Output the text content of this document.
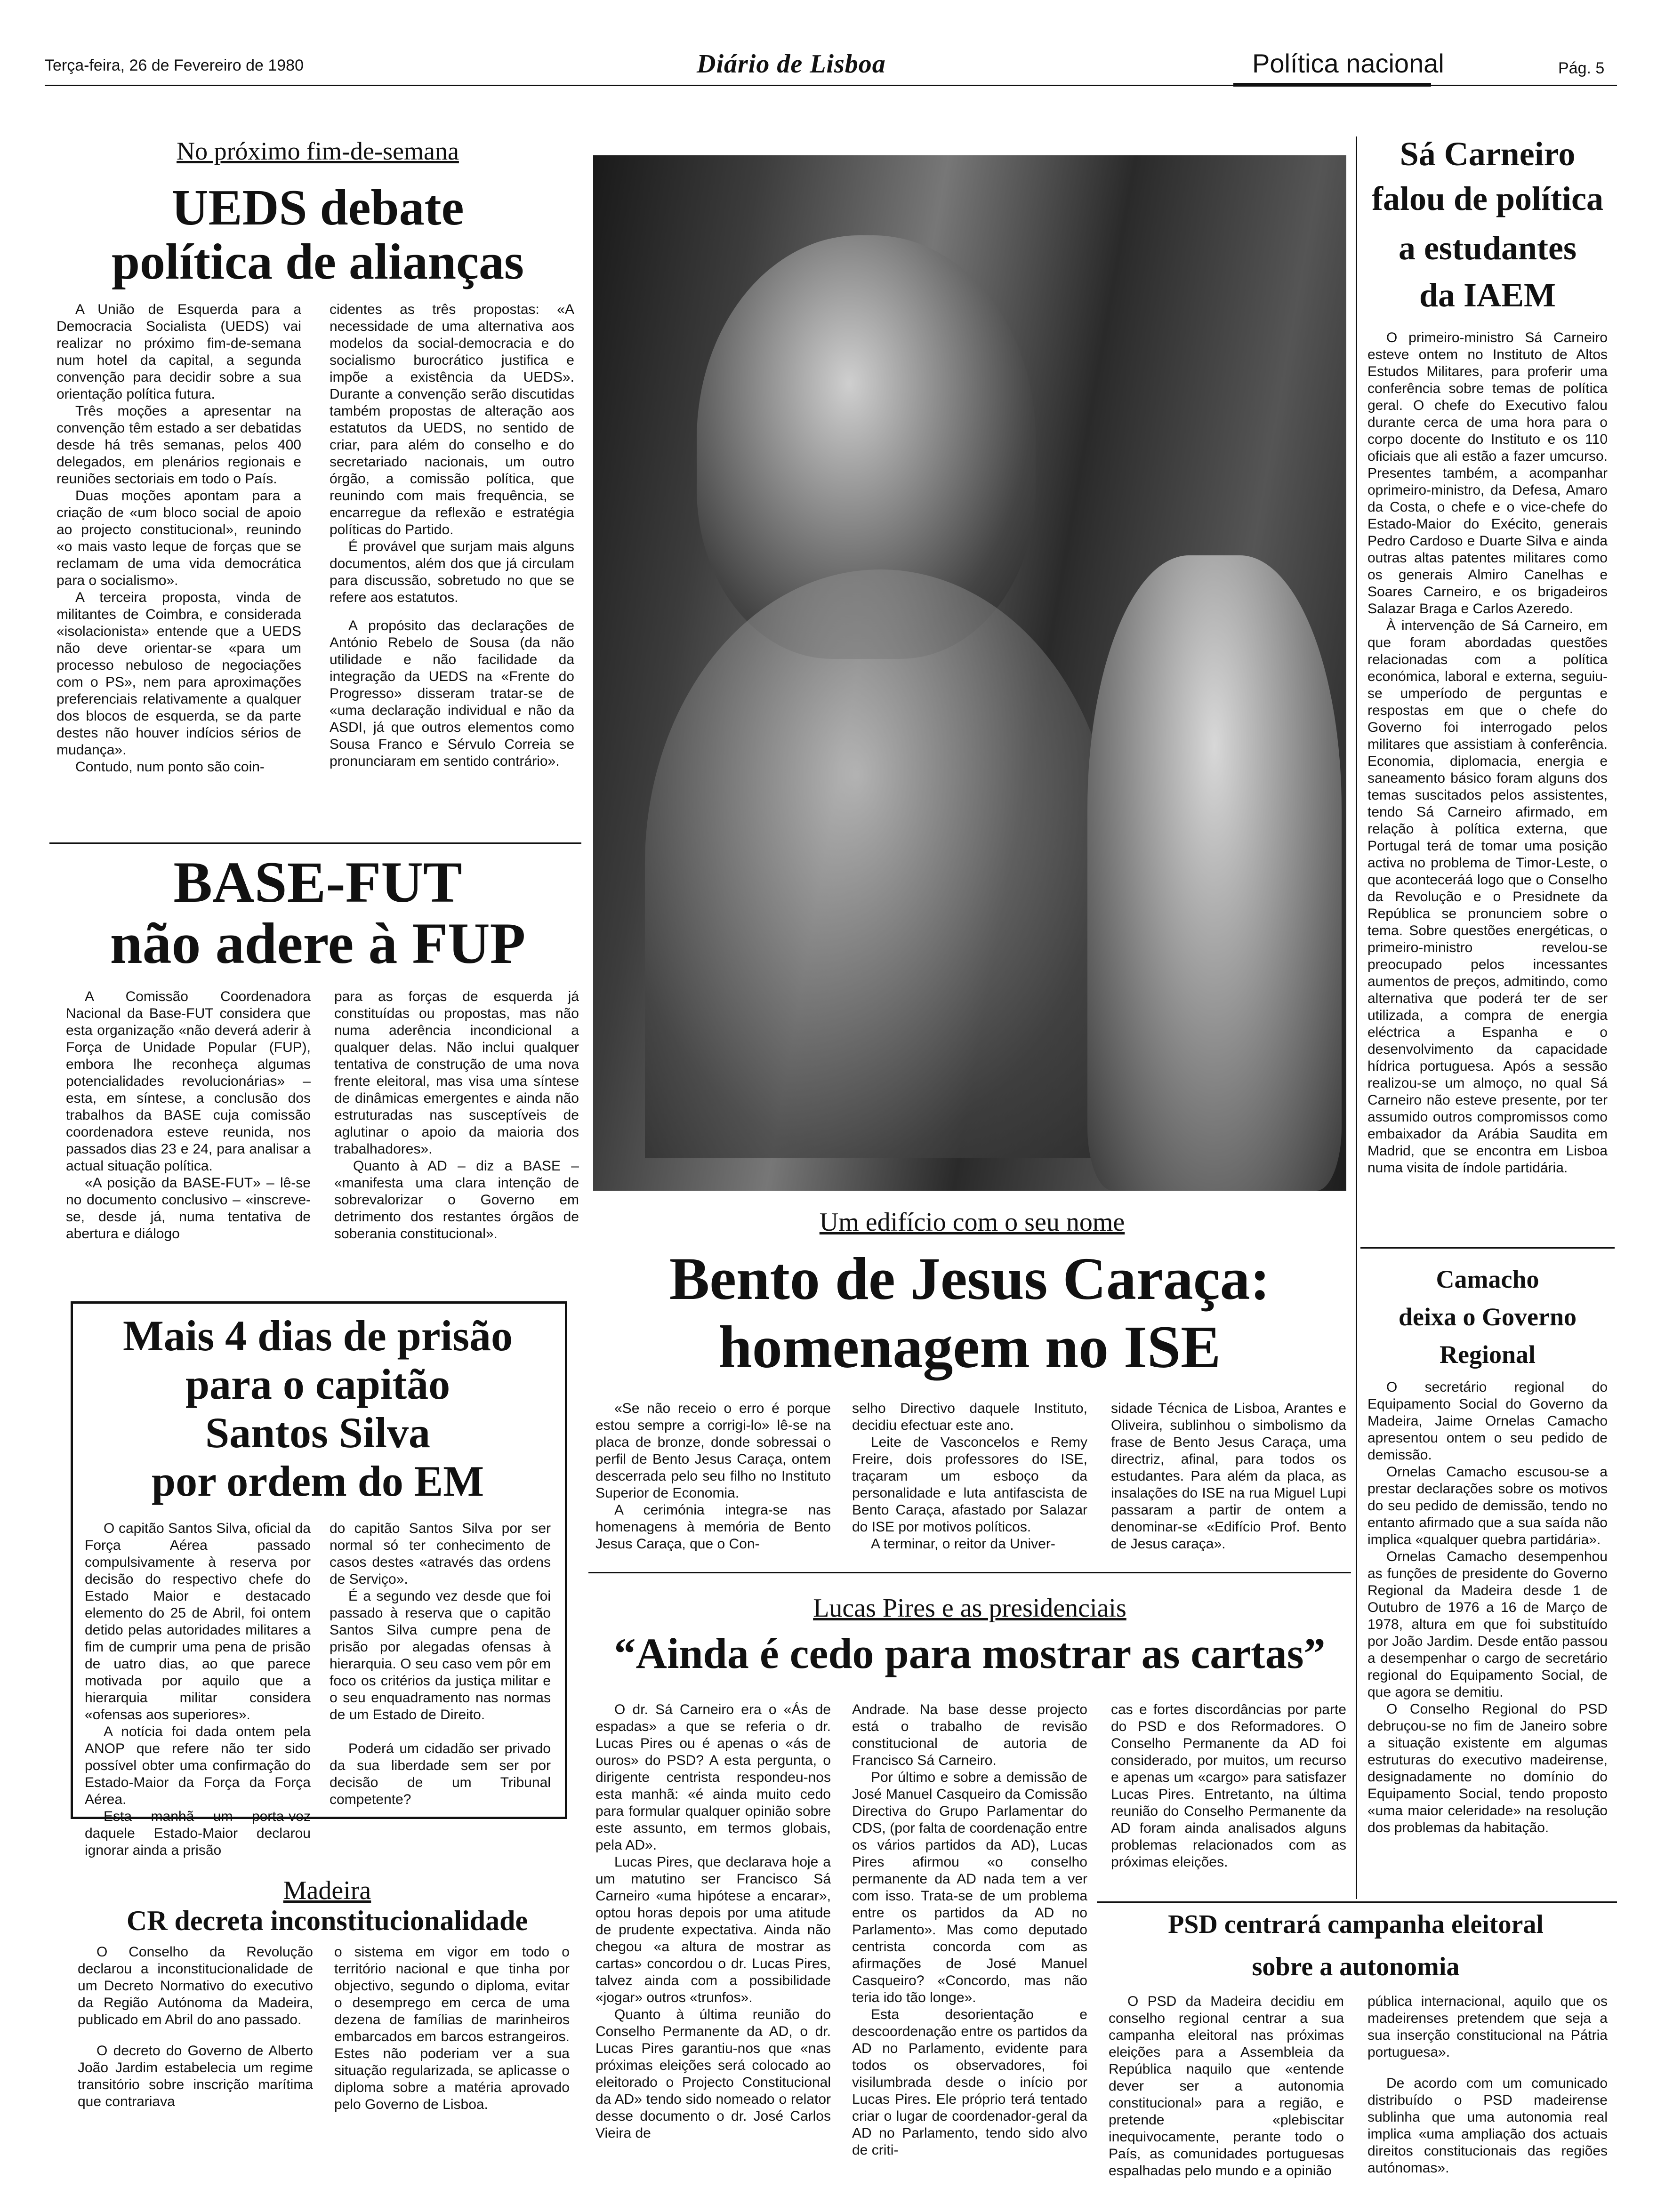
Terça-feira, 26 de Fevereiro de 1980	Diário de Lisboa	Política nacional	Pág. 5
No próximo fim-de-semana
UEDS debate
política de alianças

A União de Esquerda para a Democracia Socialista (UEDS) vai realizar no próximo fim-de-semana num hotel da capital, a segunda convenção para decidir sobre a sua orientação política futura.

Três moções a apresentar na convenção têm estado a ser debatidas desde há três semanas, pelos 400 delegados, em plenários regionais e reuniões sectoriais em todo o País.

Duas moções apontam para a criação de «um bloco social de apoio ao projecto constitucional», reunindo «o mais vasto leque de forças que se reclamam de uma vida democrática para o socialismo».

A terceira proposta, vinda de militantes de Coimbra, e considerada «isolacionista» entende que a UEDS não deve orientar-se «para um processo nebuloso de negociações com o PS», nem para aproximações preferenciais relativamente a qualquer dos blocos de esquerda, se da parte destes não houver indícios sérios de mudança».

Contudo, num ponto são coin-

cidentes as três propostas: «A necessidade de uma alternativa aos modelos da social-democracia e do socialismo burocrático justifica e impõe a existência da UEDS». Durante a convenção serão discutidas também propostas de alteração aos estatutos da UEDS, no sentido de criar, para além do conselho e do secretariado nacionais, um outro órgão, a comissão política, que reunindo com mais frequência, se encarregue da reflexão e estratégia políticas do Partido.

É provável que surjam mais alguns documentos, além dos que já circulam para discussão, sobretudo no que se refere aos estatutos.

A propósito das declarações de António Rebelo de Sousa (da não utilidade e não facilidade da integração da UEDS na «Frente do Progresso» disseram tratar-se de «uma declaração individual e não da ASDI, já que outros elementos como Sousa Franco e Sérvulo Correia se pronunciaram em sentido contrário».

BASE-FUT
não adere à FUP

A Comissão Coordenadora Nacional da Base-FUT considera que esta organização «não deverá aderir à Força de Unidade Popular (FUP), embora lhe reconheça algumas potencialidades revolucionárias» – esta, em síntese, a conclusão dos trabalhos da BASE cuja comissão coordenadora esteve reunida, nos passados dias 23 e 24, para analisar a actual situação política.

«A posição da BASE-FUT» – lê-se no documento conclusivo – «inscreve-se, desde já, numa tentativa de abertura e diálogo

para as forças de esquerda já constituídas ou propostas, mas não numa aderência incondicional a qualquer delas. Não inclui qualquer tentativa de construção de uma nova frente eleitoral, mas visa uma síntese de dinâmicas emergentes e ainda não estruturadas nas susceptíveis de aglutinar o apoio da maioria dos trabalhadores».

Quanto à AD – diz a BASE – «manifesta uma clara intenção de sobrevalorizar o Governo em detrimento dos restantes órgãos de soberania constitucional».

Mais 4 dias de prisão
para o capitão
Santos Silva
por ordem do EM

O capitão Santos Silva, oficial da Força Aérea passado compulsivamente à reserva por decisão do respectivo chefe do Estado Maior e destacado elemento do 25 de Abril, foi ontem detido pelas autoridades militares a fim de cumprir uma pena de prisão de uatro dias, ao que parece motivada por aquilo que a hierarquia militar considera «ofensas aos superiores».

A notícia foi dada ontem pela ANOP que refere não ter sido possível obter uma confirmação do Estado-Maior da Força da Força Aérea.

Esta manhã um porta-voz daquele Estado-Maior declarou ignorar ainda a prisão

do capitão Santos Silva por ser normal só ter conhecimento de casos destes «através das ordens de Serviço».

É a segundo vez desde que foi passado à reserva que o capitão Santos Silva cumpre pena de prisão por alegadas ofensas à hierarquia. O seu caso vem pôr em foco os critérios da justiça militar e o seu enquadramento nas normas de um Estado de Direito.

Poderá um cidadão ser privado da sua liberdade sem ser por decisão de um Tribunal competente?

Madeira
CR decreta inconstitucionalidade

O Conselho da Revolução declarou a inconstitucionalidade de um Decreto Normativo do executivo da Região Autónoma da Madeira, publicado em Abril do ano passado.

O decreto do Governo de Alberto João Jardim estabelecia um regime transitório sobre inscrição marítima que contrariava

o sistema em vigor em todo o território nacional e que tinha por objectivo, segundo o diploma, evitar o desemprego em cerca de uma dezena de famílias de marinheiros embarcados em barcos estrangeiros. Estes não poderiam ver a sua situação regularizada, se aplicasse o diploma sobre a matéria aprovado pelo Governo de Lisboa.

Um edifício com o seu nome
Bento de Jesus Caraça:
homenagem no ISE

«Se não receio o erro é porque estou sempre a corrigi-lo» lê-se na placa de bronze, donde sobressai o perfil de Bento Jesus Caraça, ontem descerrada pelo seu filho no Instituto Superior de Economia.

A cerimónia integra-se nas homenagens à memória de Bento Jesus Caraça, que o Con-

selho Directivo daquele Instituto, decidiu efectuar este ano.

Leite de Vasconcelos e Remy Freire, dois professores do ISE, traçaram um esboço da personalidade e luta antifascista de Bento Caraça, afastado por Salazar do ISE por motivos políticos.

A terminar, o reitor da Univer-

sidade Técnica de Lisboa, Arantes e Oliveira, sublinhou o simbolismo da frase de Bento Jesus Caraça, uma directriz, afinal, para todos os estudantes. Para além da placa, as insalações do ISE na rua Miguel Lupi passaram a partir de ontem a denominar-se «Edifício Prof. Bento de Jesus caraça».

Lucas Pires e as presidenciais
“Ainda é cedo para mostrar as cartas”

O dr. Sá Carneiro era o «Ás de espadas» a que se referia o dr. Lucas Pires ou é apenas o «ás de ouros» do PSD? A esta pergunta, o dirigente centrista respondeu-nos esta manhã: «é ainda muito cedo para formular qualquer opinião sobre este assunto, em termos globais, pela AD».

Lucas Pires, que declarava hoje a um matutino ser Francisco Sá Carneiro «uma hipótese a encarar», optou horas depois por uma atitude de prudente expectativa. Ainda não chegou «a altura de mostrar as cartas» concordou o dr. Lucas Pires, talvez ainda com a possibilidade «jogar» outros «trunfos».

Quanto à última reunião do Conselho Permanente da AD, o dr. Lucas Pires garantiu-nos que «nas próximas eleições será colocado ao eleitorado o Projecto Constitucional da AD» tendo sido nomeado o relator desse documento o dr. José Carlos Vieira de

Andrade. Na base desse projecto está o trabalho de revisão constitucional de autoria de Francisco Sá Carneiro.

Por último e sobre a demissão de José Manuel Casqueiro da Comissão Directiva do Grupo Parlamentar do CDS, (por falta de coordenação entre os vários partidos da AD), Lucas Pires afirmou «o conselho permanente da AD nada tem a ver com isso. Trata-se de um problema entre os partidos da AD no Parlamento». Mas como deputado centrista concorda com as afirmações de José Manuel Casqueiro? «Concordo, mas não teria ido tão longe».

Esta desorientação e descoordenação entre os partidos da AD no Parlamento, evidente para todos os observadores, foi visilumbrada desde o início por Lucas Pires. Ele próprio terá tentado criar o lugar de coordenador-geral da AD no Parlamento, tendo sido alvo de criti-

cas e fortes discordâncias por parte do PSD e dos Reformadores. O Conselho Permanente da AD foi considerado, por muitos, um recurso e apenas um «cargo» para satisfazer Lucas Pires. Entretanto, na última reunião do Conselho Permanente da AD foram ainda analisados alguns problemas relacionados com as próximas eleições.

Sá Carneiro
falou de política
a estudantes
da IAEM

O primeiro-ministro Sá Carneiro esteve ontem no Instituto de Altos Estudos Militares, para proferir uma conferência sobre temas de política geral. O chefe do Executivo falou durante cerca de uma hora para o corpo docente do Instituto e os 110 oficiais que ali estão a fazer umcurso. Presentes também, a acompanhar oprimeiro-ministro, da Defesa, Amaro da Costa, o chefe e o vice-chefe do Estado-Maior do Exécito, generais Pedro Cardoso e Duarte Silva e ainda outras altas patentes militares como os generais Almiro Canelhas e Soares Carneiro, e os brigadeiros Salazar Braga e Carlos Azeredo.

À intervenção de Sá Carneiro, em que foram abordadas questões relacionadas com a política económica, laboral e externa, seguiu-se umperíodo de perguntas e respostas em que o chefe do Governo foi interrogado pelos militares que assistiam à conferência. Economia, diplomacia, energia e saneamento básico foram alguns dos temas suscitados pelos assistentes, tendo Sá Carneiro afirmado, em relação à política externa, que Portugal terá de tomar uma posição activa no problema de Timor-Leste, o que aconteceráá logo que o Conselho da Revolução e o Presidnete da República se pronunciem sobre o tema. Sobre questões energéticas, o primeiro-ministro revelou-se preocupado pelos incessantes aumentos de preços, admitindo, como alternativa que poderá ter de ser utilizada, a compra de energia eléctrica a Espanha e o desenvolvimento da capacidade hídrica portuguesa. Após a sessão realizou-se um almoço, no qual Sá Carneiro não esteve presente, por ter assumido outros compromissos como embaixador da Arábia Saudita em Madrid, que se encontra em Lisboa numa visita de índole partidária.

Camacho
deixa o Governo
Regional

O secretário regional do Equipamento Social do Governo da Madeira, Jaime Ornelas Camacho apresentou ontem o seu pedido de demissão.

Ornelas Camacho escusou-se a prestar declarações sobre os motivos do seu pedido de demissão, tendo no entanto afirmado que a sua saída não implica «qualquer quebra partidária».

Ornelas Camacho desempenhou as funções de presidente do Governo Regional da Madeira desde 1 de Outubro de 1976 a 16 de Março de 1978, altura em que foi substituído por João Jardim. Desde então passou a desempenhar o cargo de secretário regional do Equipamento Social, de que agora se demitiu.

O Conselho Regional do PSD debruçou-se no fim de Janeiro sobre a situação existente em algumas estruturas do executivo madeirense, designadamente no domínio do Equipamento Social, tendo proposto «uma maior celeridade» na resolução dos problemas da habitação.

PSD centrará campanha eleitoral
sobre a autonomia

O PSD da Madeira decidiu em conselho regional centrar a sua campanha eleitoral nas próximas eleições para a Assembleia da República naquilo que «entende dever ser a autonomia constitucional» para a região, e pretende «plebiscitar inequivocamente, perante todo o País, as comunidades portuguesas espalhadas pelo mundo e a opinião

pública internacional, aquilo que os madeirenses pretendem que seja a sua inserção constitucional na Pátria portuguesa».

De acordo com um comunicado distribuído o PSD madeirense sublinha que uma autonomia real implica «uma ampliação dos actuais direitos constitucionais das regiões autónomas».
